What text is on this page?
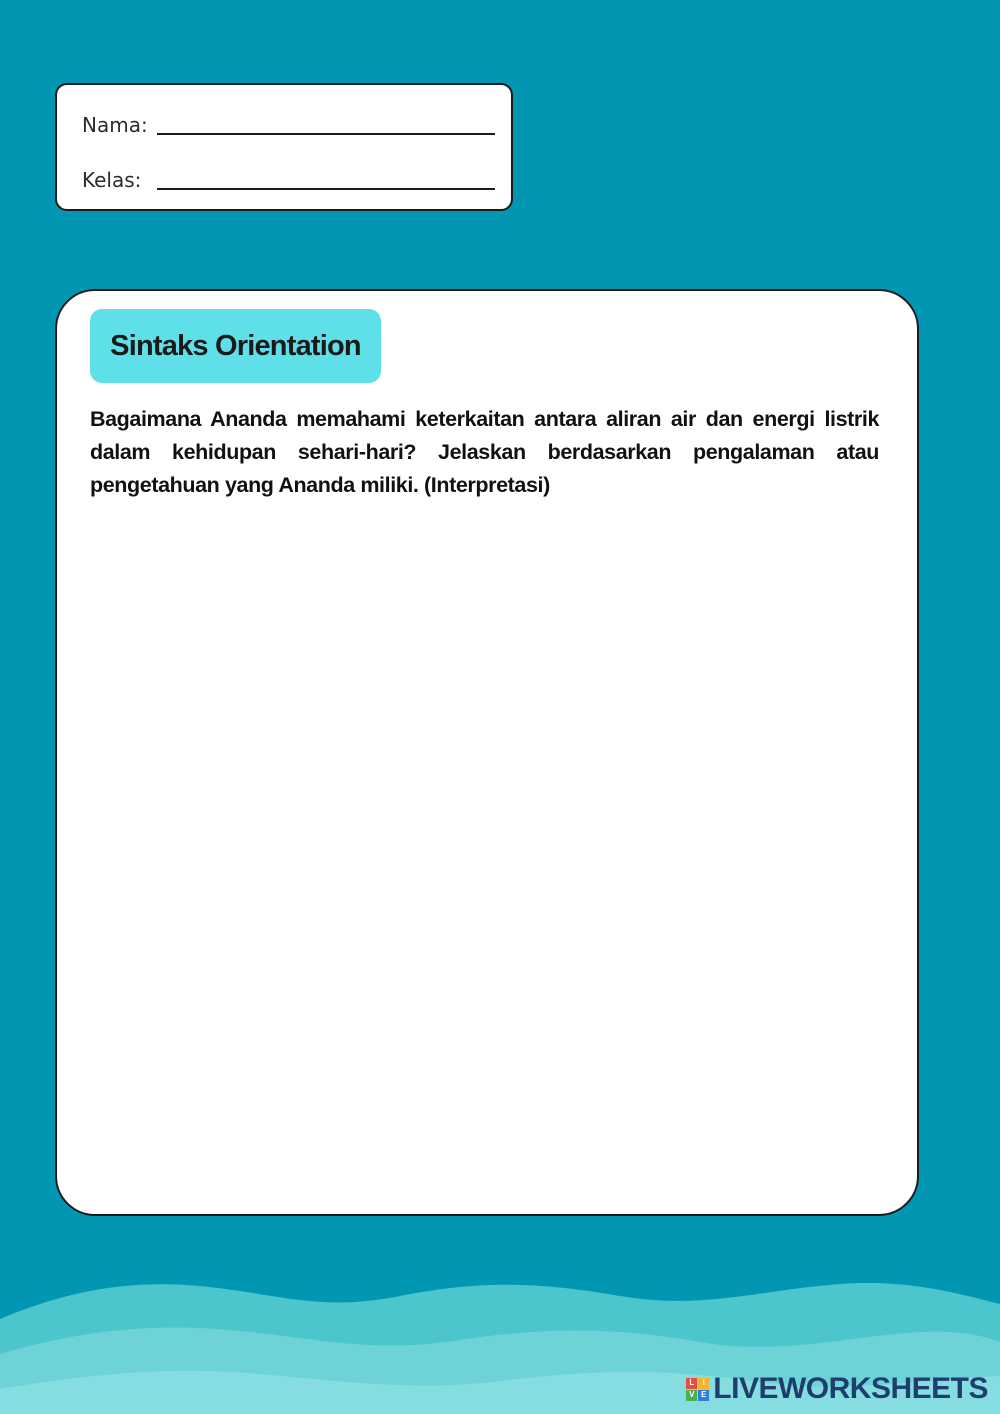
Nama:
Kelas:
Sintaks Orientation

Bagaimana Ananda memahami keterkaitan antara aliran air dan energi listrik dalam kehidupan sehari-hari? Jelaskan berdasarkan pengalaman atau pengetahuan yang Ananda miliki. (Interpretasi)

L	I
V E LIVEWORKSHEETS
